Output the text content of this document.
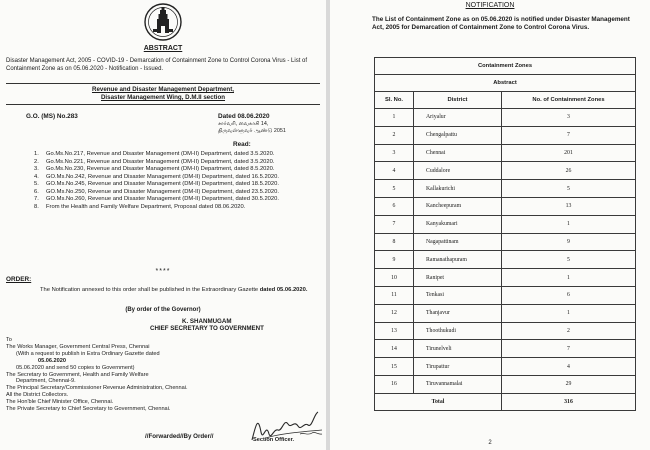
ABSTRACT
Disaster Management Act, 2005 - COVID-19 - Demarcation of Containment Zone to Control Corona Virus - List of Containment Zone as on 05.06.2020 - Notification - Issued.
Revenue and Disaster Management Department,
Disaster Management Wing, D.M.II section
G.O. (MS) No.283	Dated 08.06.2020
சார்வரி, வைகாசி 14,
திருவள்ளுவர் ஆண்டு 2051
Read:
1.	Go.Ms.No.217, Revenue and Disaster Management (DM-II) Department, dated 3.5.2020.
2.	Go.Ms.No.221, Revenue and Disaster Management (DM-II) Department, dated 3.5.2020.
3.	Go.Ms.No.230, Revenue and Disaster Management (DM-II) Department, dated 8.5.2020.
4.	GO.Ms.No.242, Revenue and Disaster Management (DM-II) Department, dated 16.5.2020.
5.	GO.Ms.No.245, Revenue and Disaster Management (DM-II) Department, dated 18.5.2020.
6.	GO.Ms.No.250, Revenue and Disaster Management (DM-II) Department, dated 23.5.2020.
7.	GO.Ms.No.260, Revenue and Disaster Management (DM-II) Department, dated 30.5.2020.
8.	From the Health and Family Welfare Department, Proposal dated 08.06.2020.
****
ORDER:
The Notification annexed to this order shall be published in the Extraordinary Gazette dated 05.06.2020.
(By order of the Governor)
K. SHANMUGAM
CHIEF SECRETARY TO GOVERNMENT
To
The Works Manager, Government Central Press, Chennai
(With a request to publish in Extra Ordinary Gazette dated
05.06.2020
05.06.2020 and send 50 copies to Government)
The Secretary to Government, Health and Family Welfare
Department, Chennai-9.
The Principal Secretary/Commissioner Revenue Administration, Chennai.
All the District Collectors.
The Hon'ble Chief Minister Office, Chennai.
The Private Secretary to Chief Secretary to Government, Chennai.
//Forwarded//By Order//	Section Officer.
NOTIFICATION
The List of Containment Zone as on 05.06.2020 is notified under Disaster Management Act, 2005 for Demarcation of Containment Zone to Control Corona Virus.
Containment Zones		
Abstract		
Sl. No.	District	No. of Containment Zones
1	Ariyalur	3
2	Chengalpattu	7
3	Chennai	201
4	Cuddalore	26
5	Kallakurichi	5
6	Kancheepuram	13
7	Kanyakumari	1
8	Nagapattinam	9
9	Ramanathapuram	5
10	Ranipet	1
11	Tenkasi	6
12	Thanjavur	1
13	Thoothukudi	2
14	Tirunelveli	7
15	Tirupattur	4
16	Tiruvannamalai	29
Total		316
2
